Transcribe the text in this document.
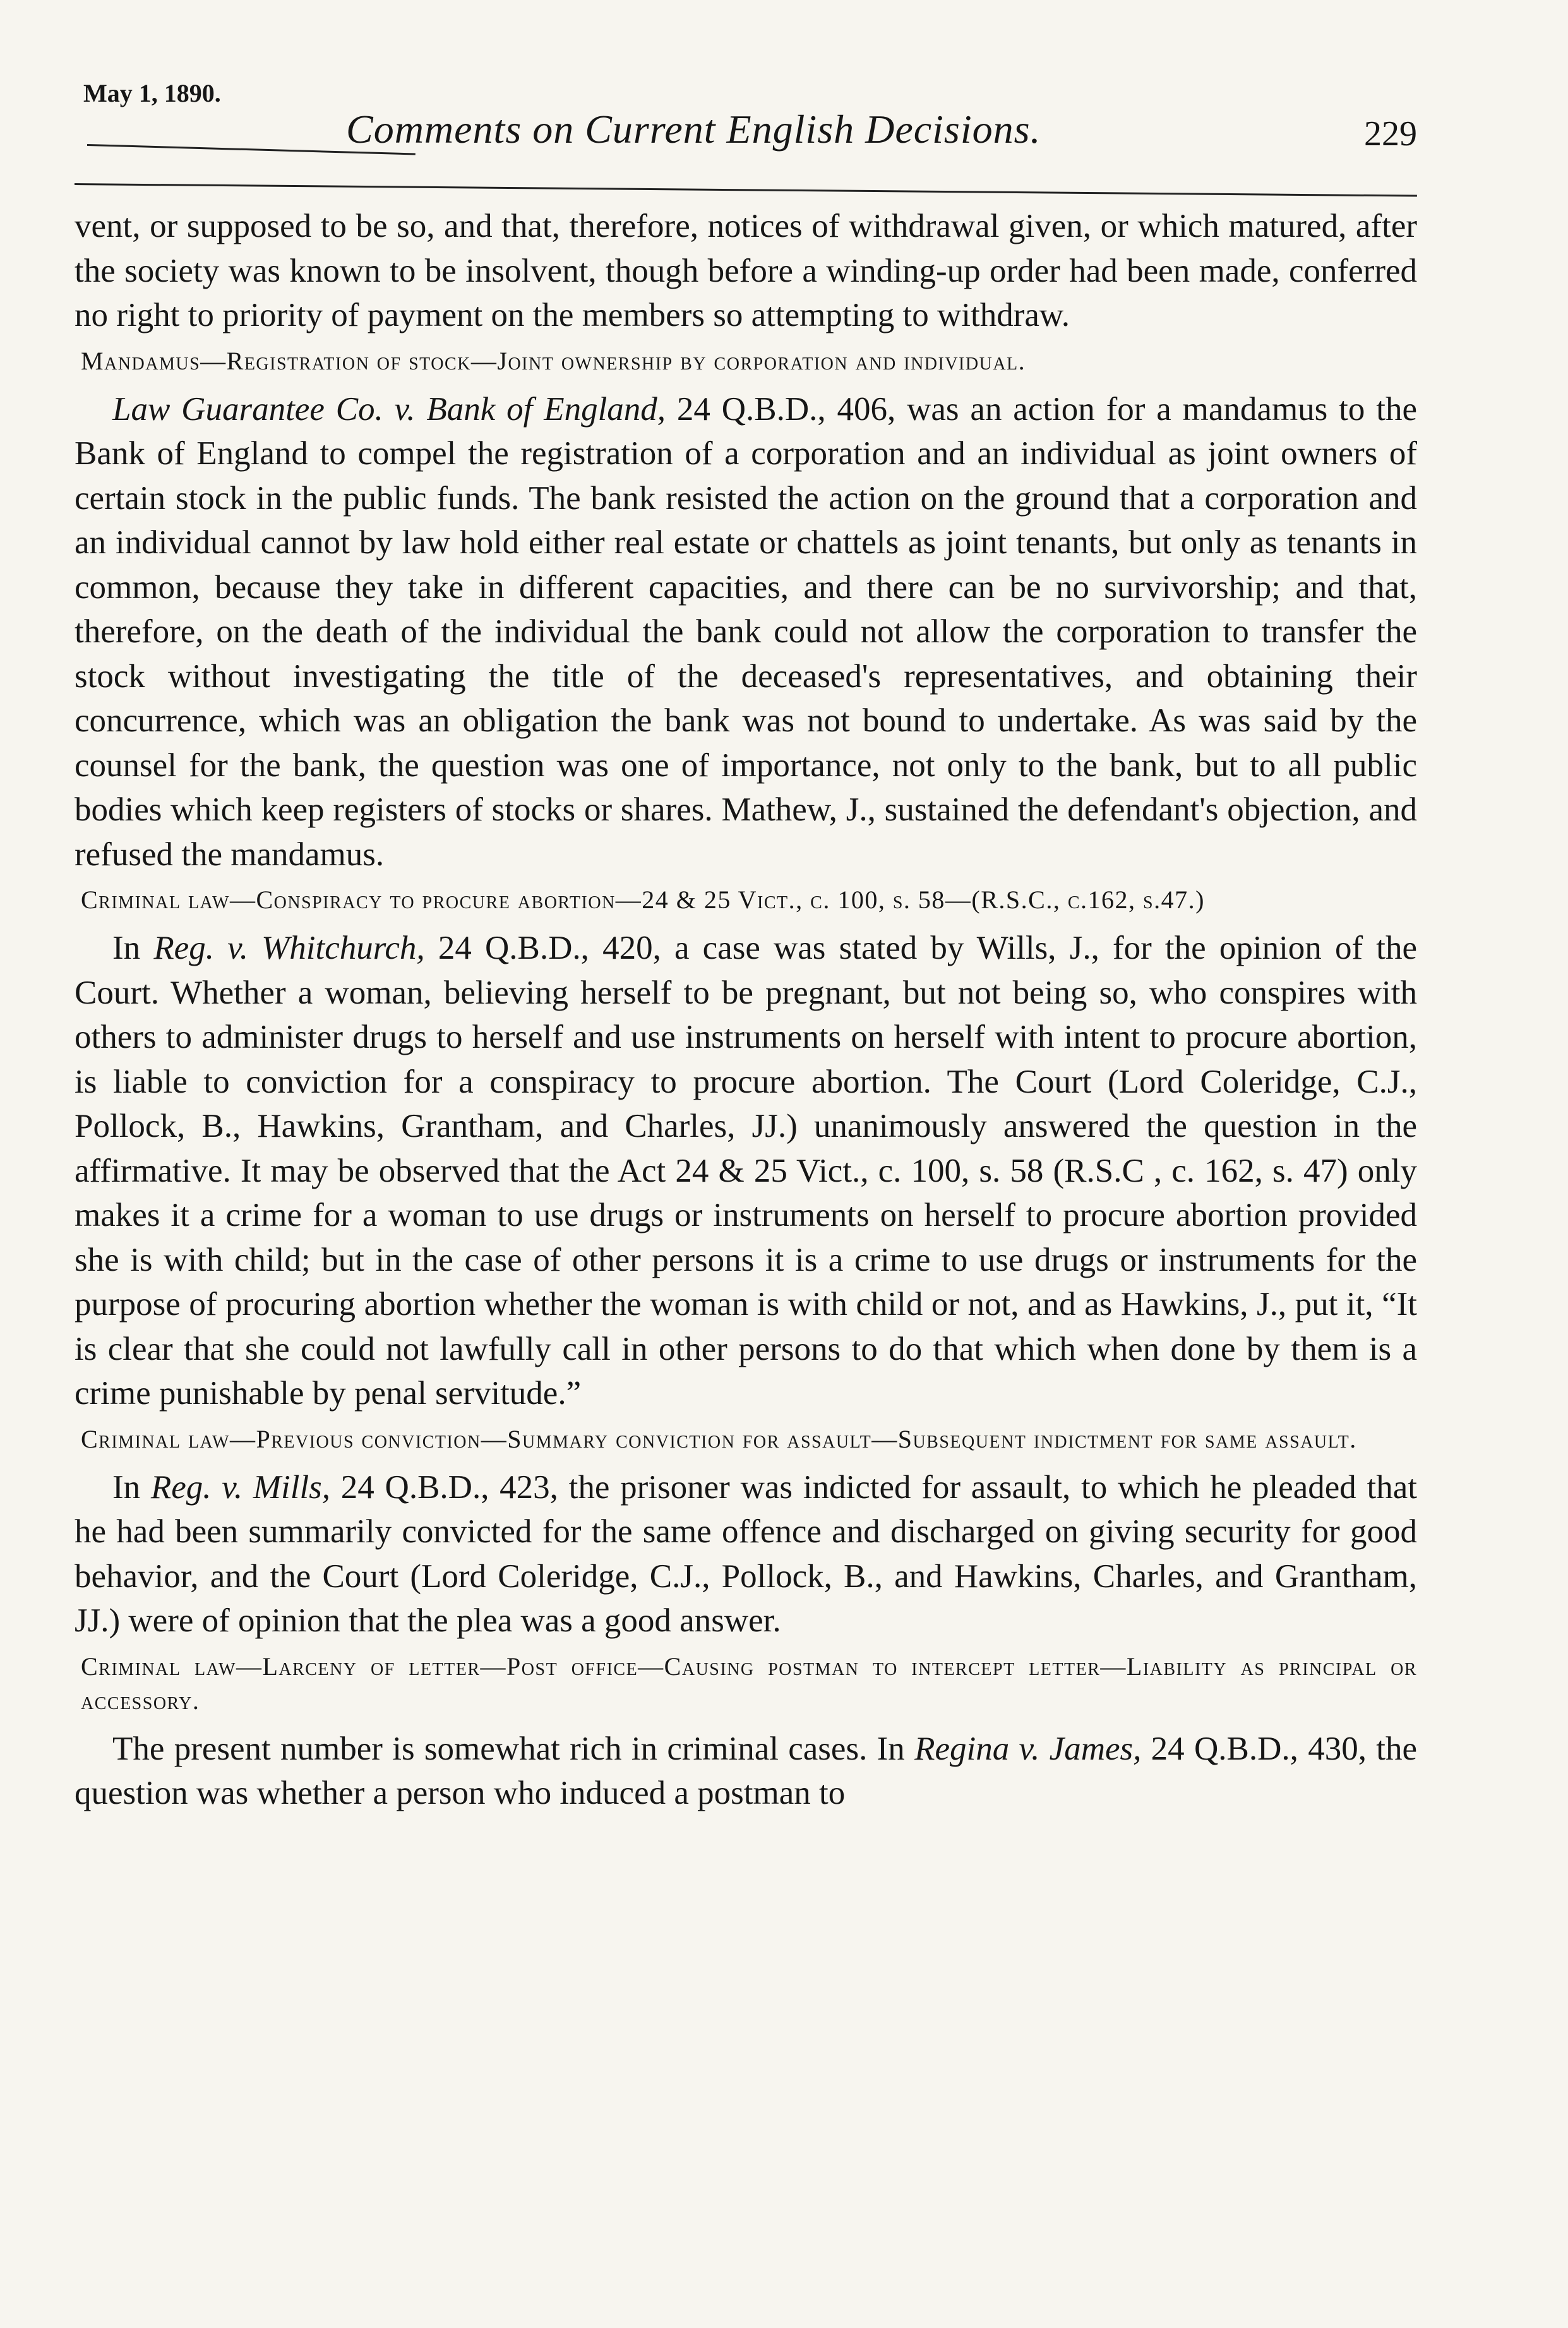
May 1, 1890.
Comments on Current English Decisions.	229

vent, or supposed to be so, and that, therefore, notices of withdrawal given, or which matured, after the society was known to be insolvent, though before a winding-up order had been made, conferred no right to priority of payment on the members so attempting to withdraw.

Mandamus—Registration of stock—Joint ownership by corporation and individual.

Law Guarantee Co. v. Bank of England, 24 Q.B.D., 406, was an action for a mandamus to the Bank of England to compel the registration of a corporation and an individual as joint owners of certain stock in the public funds. The bank resisted the action on the ground that a corporation and an individual cannot by law hold either real estate or chattels as joint tenants, but only as tenants in common, because they take in different capacities, and there can be no survivorship; and that, therefore, on the death of the individual the bank could not allow the corporation to transfer the stock without investigating the title of the deceased's representatives, and obtaining their concurrence, which was an obligation the bank was not bound to undertake. As was said by the counsel for the bank, the question was one of importance, not only to the bank, but to all public bodies which keep registers of stocks or shares. Mathew, J., sustained the defendant's objection, and refused the mandamus.

Criminal law—Conspiracy to procure abortion—24 & 25 Vict., c. 100, s. 58—(R.S.C., c.162, s.47.)

In Reg. v. Whitchurch, 24 Q.B.D., 420, a case was stated by Wills, J., for the opinion of the Court. Whether a woman, believing herself to be pregnant, but not being so, who conspires with others to administer drugs to herself and use instruments on herself with intent to procure abortion, is liable to conviction for a conspiracy to procure abortion. The Court (Lord Coleridge, C.J., Pollock, B., Hawkins, Grantham, and Charles, JJ.) unanimously answered the question in the affirmative. It may be observed that the Act 24 & 25 Vict., c. 100, s. 58 (R.S.C , c. 162, s. 47) only makes it a crime for a woman to use drugs or instruments on herself to procure abortion provided she is with child; but in the case of other persons it is a crime to use drugs or instruments for the purpose of procuring abortion whether the woman is with child or not, and as Hawkins, J., put it, “It is clear that she could not lawfully call in other persons to do that which when done by them is a crime punishable by penal servitude.”

Criminal law—Previous conviction—Summary conviction for assault—Subsequent indictment for same assault.

In Reg. v. Mills, 24 Q.B.D., 423, the prisoner was indicted for assault, to which he pleaded that he had been summarily convicted for the same offence and discharged on giving security for good behavior, and the Court (Lord Coleridge, C.J., Pollock, B., and Hawkins, Charles, and Grantham, JJ.) were of opinion that the plea was a good answer.

Criminal law—Larceny of letter—Post office—Causing postman to intercept letter—Liability as principal or accessory.

The present number is somewhat rich in criminal cases. In Regina v. James, 24 Q.B.D., 430, the question was whether a person who induced a postman to
